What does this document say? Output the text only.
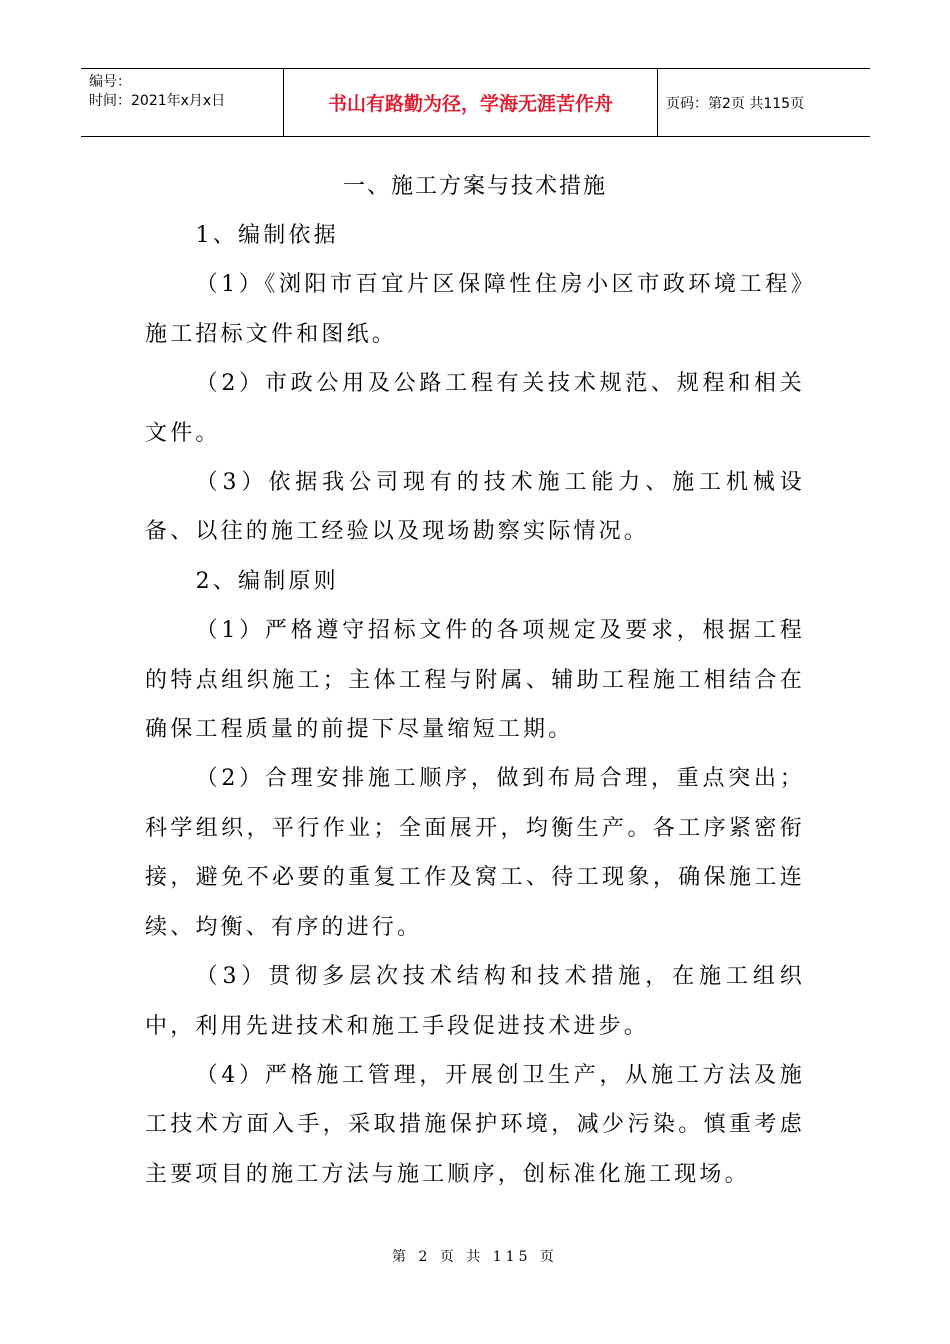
编号：
时间：2021年x月x日	书山有路勤为径，学海无涯苦作舟	页码：第2页 共115页
一、施工方案与技术措施

1、编制依据

（1）《浏阳市百宜片区保障性住房小区市政环境工程》施工招标文件和图纸。

（2）市政公用及公路工程有关技术规范、规程和相关文件。

（3）依据我公司现有的技术施工能力、施工机械设备、以往的施工经验以及现场勘察实际情况。

2、编制原则

（1）严格遵守招标文件的各项规定及要求，根据工程的特点组织施工；主体工程与附属、辅助工程施工相结合在确保工程质量的前提下尽量缩短工期。

（2）合理安排施工顺序，做到布局合理，重点突出；科学组织，平行作业；全面展开，均衡生产。各工序紧密衔接，避免不必要的重复工作及窝工、待工现象，确保施工连续、均衡、有序的进行。

（3）贯彻多层次技术结构和技术措施，在施工组织中，利用先进技术和施工手段促进技术进步。

（4）严格施工管理，开展创卫生产，从施工方法及施工技术方面入手，采取措施保护环境，减少污染。慎重考虑主要项目的施工方法与施工顺序，创标准化施工现场。

第 2 页 共 115 页
